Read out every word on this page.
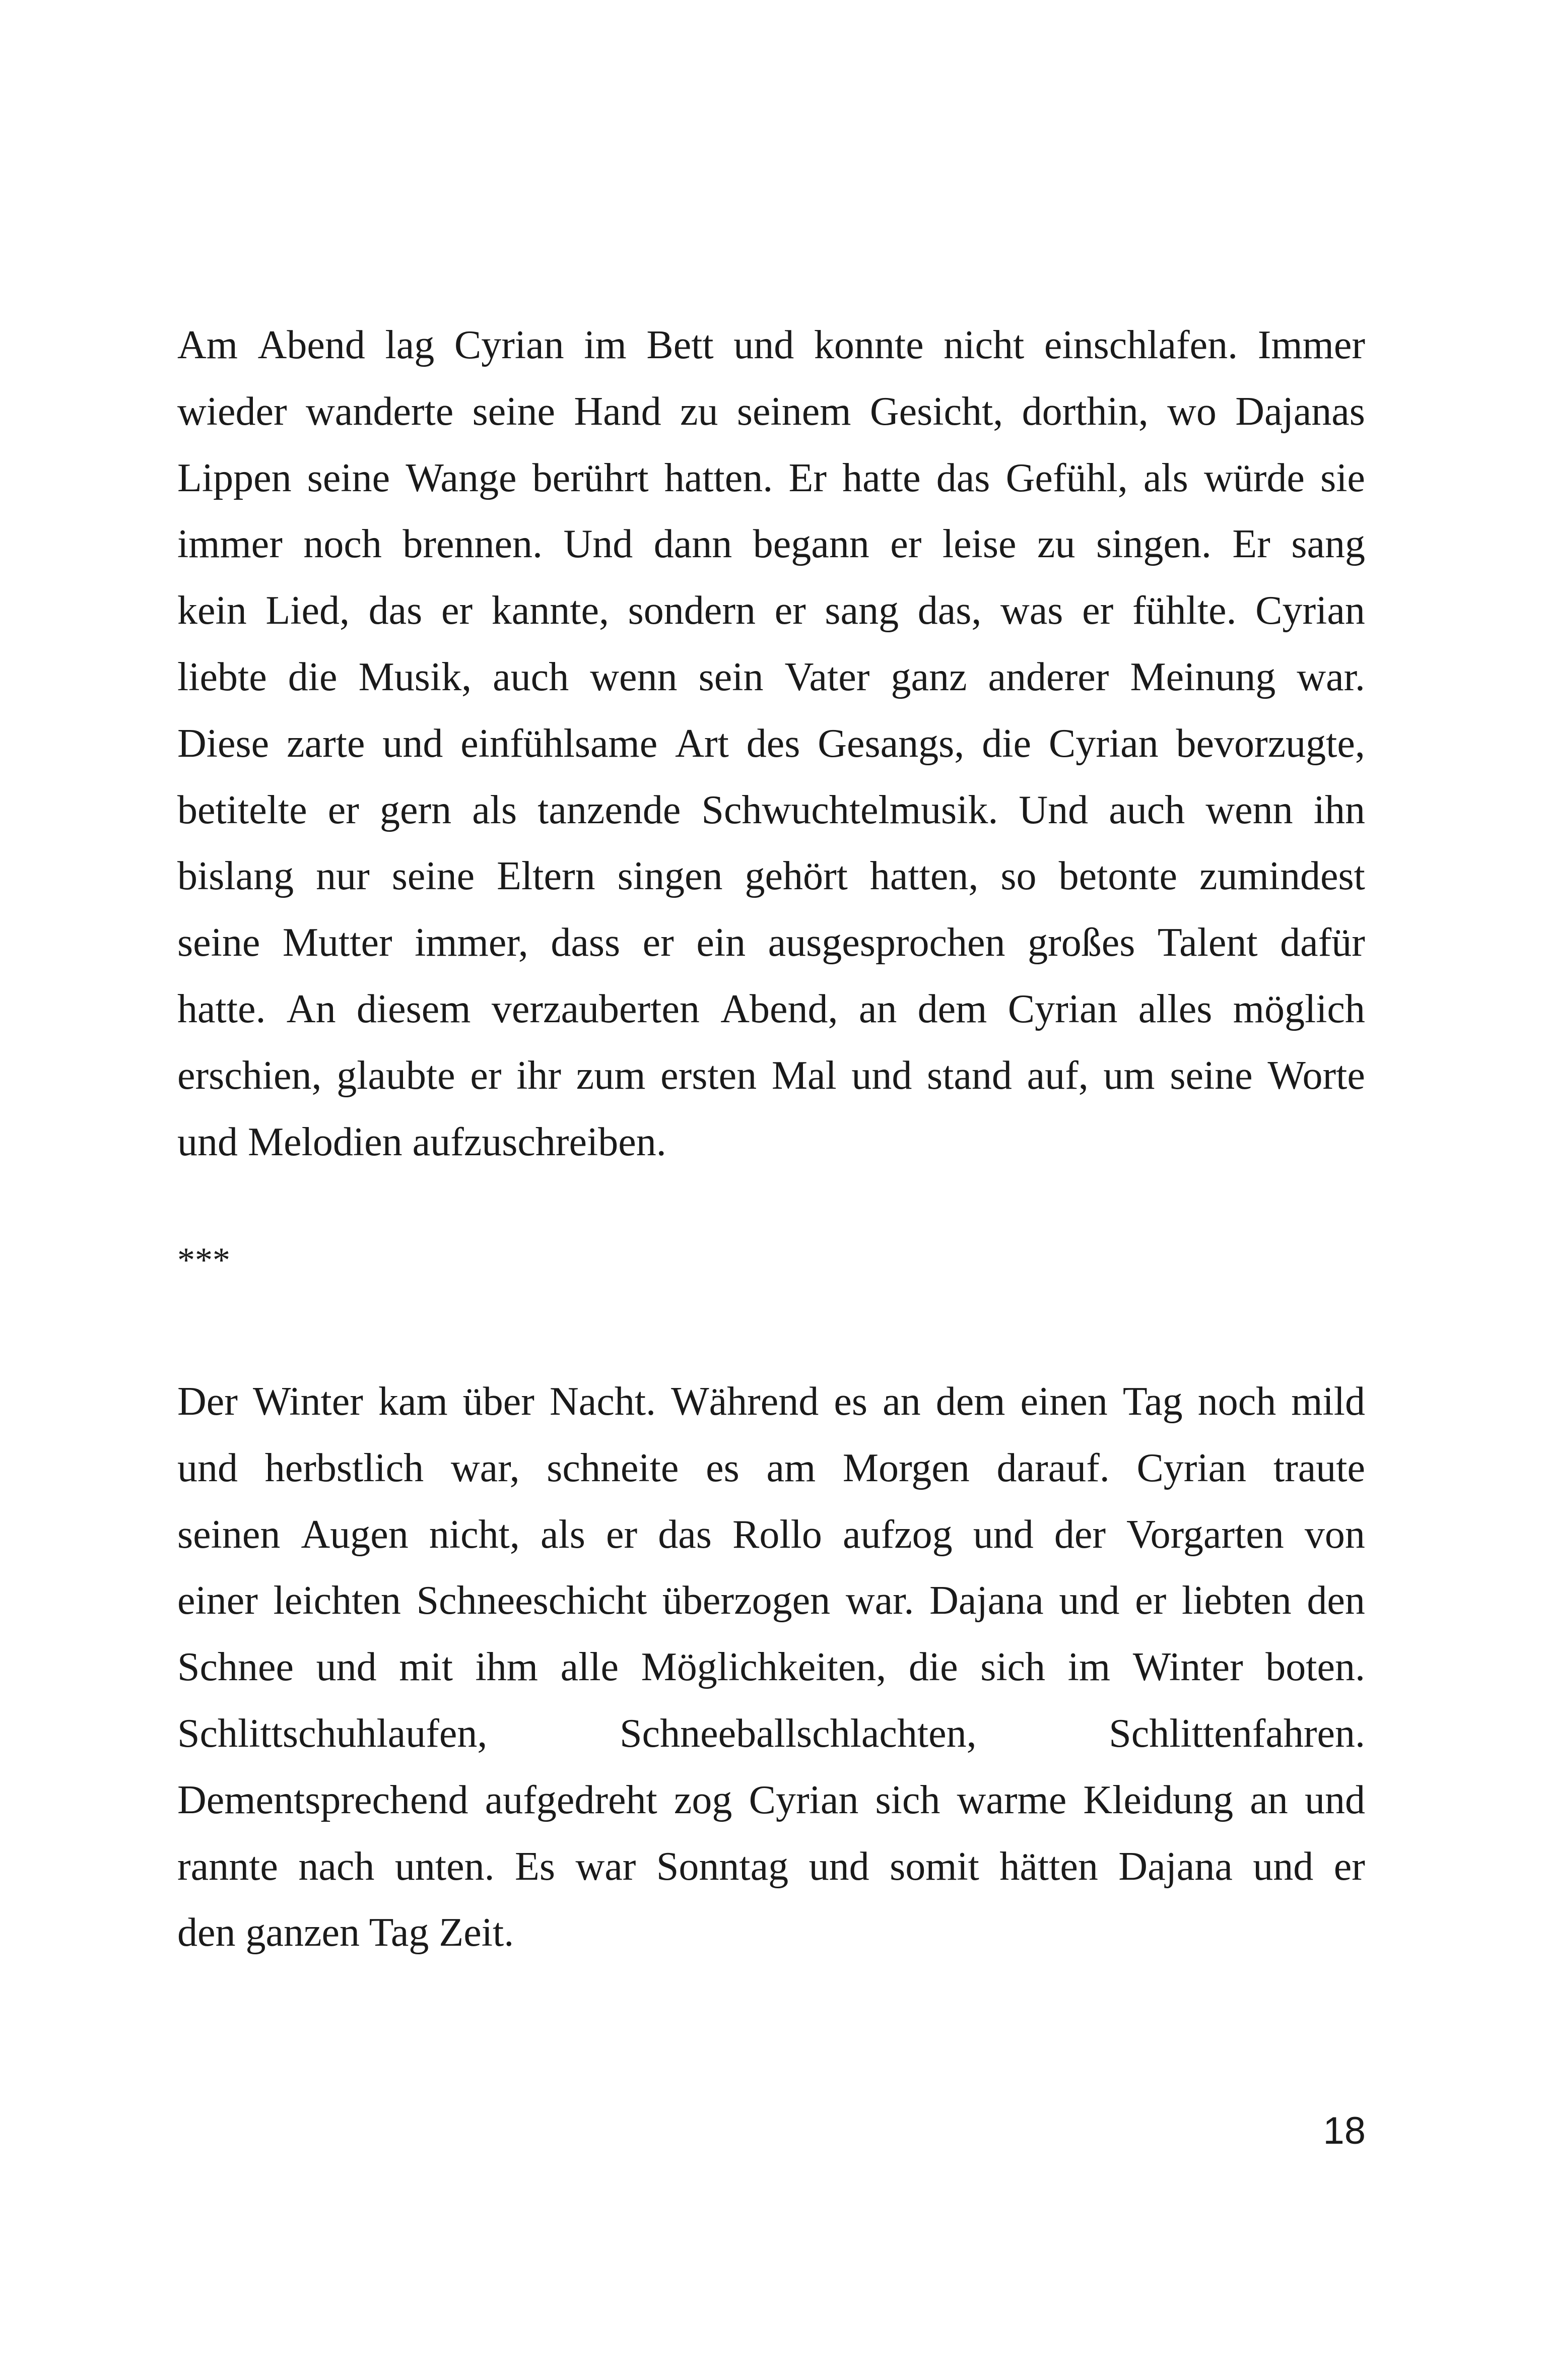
Am Abend lag Cyrian im Bett und konnte nicht einschlafen. Immer
wieder wanderte seine Hand zu seinem Gesicht, dorthin, wo Dajanas
Lippen seine Wange berührt hatten. Er hatte das Gefühl, als würde sie
immer noch brennen. Und dann begann er leise zu singen. Er sang
kein Lied, das er kannte, sondern er sang das, was er fühlte. Cyrian
liebte die Musik, auch wenn sein Vater ganz anderer Meinung war.
Diese zarte und einfühlsame Art des Gesangs, die Cyrian bevorzugte,
betitelte er gern als tanzende Schwuchtelmusik. Und auch wenn ihn
bislang nur seine Eltern singen gehört hatten, so betonte zumindest
seine Mutter immer, dass er ein ausgesprochen großes Talent dafür
hatte. An diesem verzauberten Abend, an dem Cyrian alles möglich
erschien, glaubte er ihr zum ersten Mal und stand auf, um seine Worte
und Melodien aufzuschreiben.
***
Der Winter kam über Nacht. Während es an dem einen Tag noch mild
und herbstlich war, schneite es am Morgen darauf. Cyrian traute
seinen Augen nicht, als er das Rollo aufzog und der Vorgarten von
einer leichten Schneeschicht überzogen war. Dajana und er liebten den
Schnee und mit ihm alle Möglichkeiten, die sich im Winter boten.
Schlittschuhlaufen,	Schneeballschlachten,	Schlittenfahren.
Dementsprechend aufgedreht zog Cyrian sich warme Kleidung an und
rannte nach unten. Es war Sonntag und somit hätten Dajana und er
den ganzen Tag Zeit.
18
